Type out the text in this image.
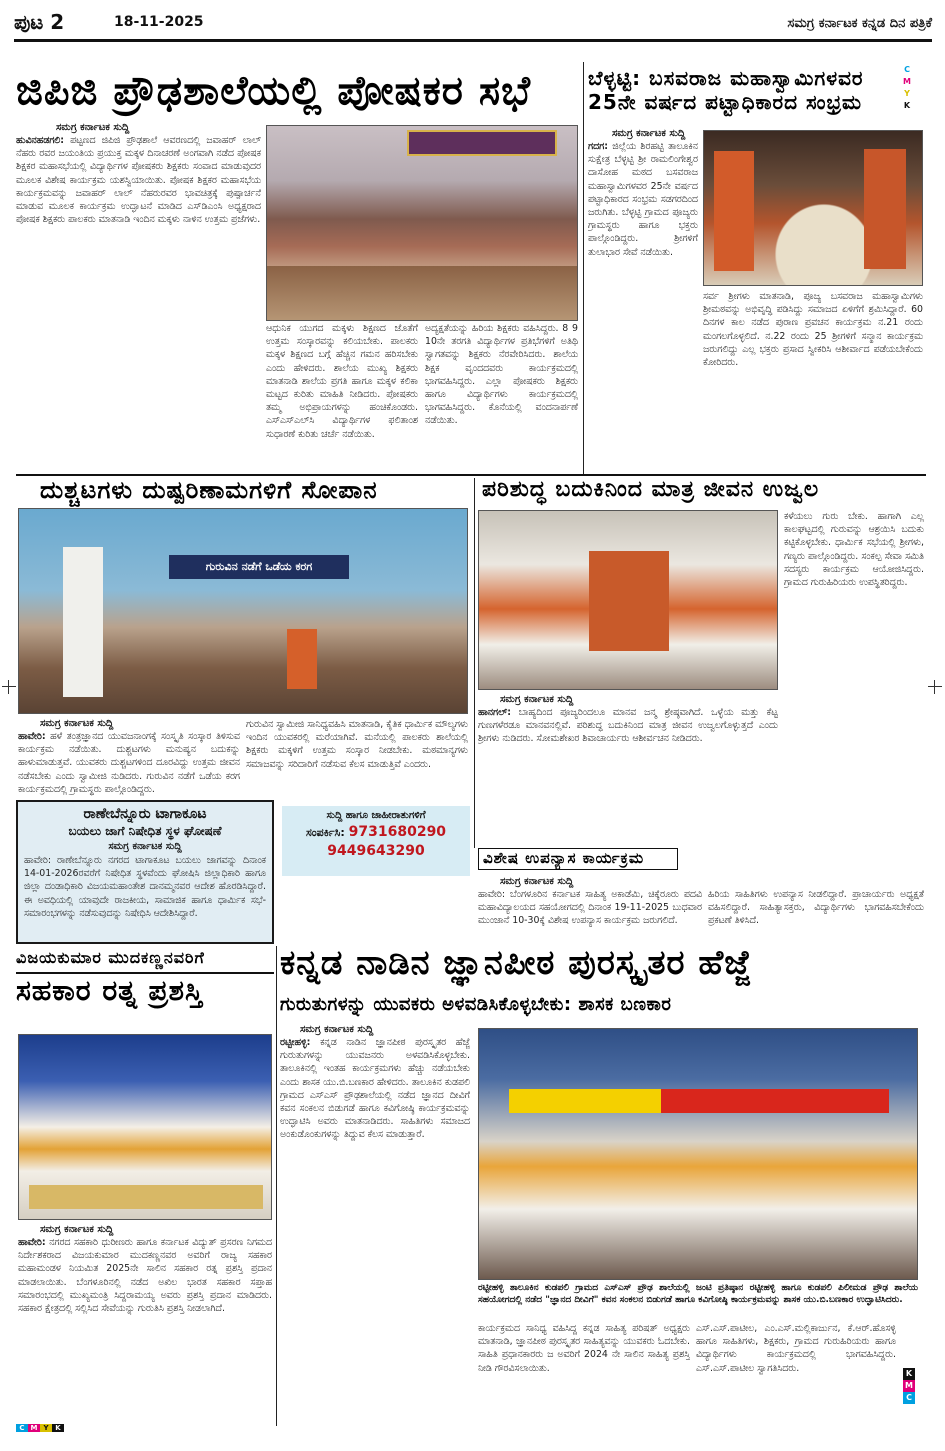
ಪುಟ 2	18-11-2025	ಸಮಗ್ರ ಕರ್ನಾಟಕ ಕನ್ನಡ ದಿನ ಪತ್ರಿಕೆ
C
M
Y
K
K
M
C
C M Y K
ಜಿಪಿಜಿ ಪ್ರೌಢಶಾಲೆಯಲ್ಲಿ ಪೋಷಕರ ಸಭೆ
ಸಮಗ್ರ ಕರ್ನಾಟಕ ಸುದ್ದಿ
ಹುವಿನಹಡಗಲಿ: ಪಟ್ಟಣದ ಜಿಪಿಜಿ ಪ್ರೌಢಶಾಲೆ ಆವರಣದಲ್ಲಿ ಜವಾಹರ್ ಲಾಲ್ ನೆಹರು ರವರ ಜಯಂತಿಯ ಪ್ರಯುಕ್ತ ಮಕ್ಕಳ ದಿನಾಚರಣೆ ಅಂಗವಾಗಿ ನಡೆದ ಪೋಷಕ ಶಿಕ್ಷಕರ ಮಹಾಸಭೆಯಲ್ಲಿ ವಿದ್ಯಾರ್ಥಿಗಳ ಪೋಷಕರು ಶಿಕ್ಷಕರು ಸಂವಾದ ಮಾಡುವುದರ ಮೂಲಕ ವಿಶೇಷ ಕಾರ್ಯಕ್ರಮ ಯಶಸ್ವಿಯಾಯಿತು. ಪೋಷಕ ಶಿಕ್ಷಕರ ಮಹಾಸಭೆಯ ಕಾರ್ಯಕ್ರಮವನ್ನು ಜವಾಹರ್ ಲಾಲ್ ನೆಹರುರವರ ಭಾವಚಿತ್ರಕ್ಕೆ ಪುಷ್ಪಾರ್ಚನೆ ಮಾಡುವ ಮೂಲಕ ಕಾರ್ಯಕ್ರಮ ಉದ್ಘಾಟನೆ ಮಾಡಿದ ಎಸ್‌ಡಿಎಂಸಿ ಅಧ್ಯಕ್ಷರಾದ ಪೋಷಕ ಶಿಕ್ಷಕರು ಪಾಲಕರು ಮಾತನಾಡಿ ಇಂದಿನ ಮಕ್ಕಳು ನಾಳಿನ ಉತ್ತಮ ಪ್ರಜೆಗಳು.
ಆಧುನಿಕ ಯುಗದ ಮಕ್ಕಳು ಶಿಕ್ಷಣದ ಜೊತೆಗೆ ಉತ್ತಮ ಸಂಸ್ಕಾರವನ್ನು ಕಲಿಯಬೇಕು. ಪಾಲಕರು ಮಕ್ಕಳ ಶಿಕ್ಷಣದ ಬಗ್ಗೆ ಹೆಚ್ಚಿನ ಗಮನ ಹರಿಸಬೇಕು ಎಂದು ಹೇಳಿದರು. ಶಾಲೆಯ ಮುಖ್ಯ ಶಿಕ್ಷಕರು ಮಾತನಾಡಿ ಶಾಲೆಯ ಪ್ರಗತಿ ಹಾಗೂ ಮಕ್ಕಳ ಕಲಿಕಾ ಮಟ್ಟದ ಕುರಿತು ಮಾಹಿತಿ ನೀಡಿದರು. ಪೋಷಕರು ತಮ್ಮ ಅಭಿಪ್ರಾಯಗಳನ್ನು ಹಂಚಿಕೊಂಡರು. ಎಸ್‌ಎಸ್‌ಎಲ್‌ಸಿ ವಿದ್ಯಾರ್ಥಿಗಳ ಫಲಿತಾಂಶ ಸುಧಾರಣೆ ಕುರಿತು ಚರ್ಚೆ ನಡೆಯಿತು.
ಅದ್ಯಕ್ಷತೆಯನ್ನು ಹಿರಿಯ ಶಿಕ್ಷಕರು ವಹಿಸಿದ್ದರು. 8 9 10ನೇ ತರಗತಿ ವಿದ್ಯಾರ್ಥಿಗಳ ಪ್ರತಿಭೆಗಳಿಗೆ ಅತಿಥಿ ಸ್ವಾಗತವನ್ನು ಶಿಕ್ಷಕರು ನೆರವೇರಿಸಿದರು. ಶಾಲೆಯ ಶಿಕ್ಷಕ ವೃಂದದವರು ಕಾರ್ಯಕ್ರಮದಲ್ಲಿ ಭಾಗವಹಿಸಿದ್ದರು. ಎಲ್ಲಾ ಪೋಷಕರು ಶಿಕ್ಷಕರು ಹಾಗೂ ವಿದ್ಯಾರ್ಥಿಗಳು ಕಾರ್ಯಕ್ರಮದಲ್ಲಿ ಭಾಗವಹಿಸಿದ್ದರು. ಕೊನೆಯಲ್ಲಿ ವಂದನಾರ್ಪಣೆ ನಡೆಯಿತು.
ಬೆಳ್ಳಟ್ಟಿ: ಬಸವರಾಜ ಮಹಾಸ್ವಾಮಿಗಳವರ 25ನೇ ವರ್ಷದ ಪಟ್ಟಾಧಿಕಾರದ ಸಂಭ್ರಮ
ಸಮಗ್ರ ಕರ್ನಾಟಕ ಸುದ್ದಿ
ಗದಗ: ಜಿಲ್ಲೆಯ ಶಿರಹಟ್ಟಿ ತಾಲೂಕಿನ ಸುಕ್ಷೇತ್ರ ಬೆಳ್ಳಟ್ಟಿ ಶ್ರೀ ರಾಮಲಿಂಗೇಶ್ವರ ದಾಸೋಹ ಮಠದ ಬಸವರಾಜ ಮಹಾಸ್ವಾಮಿಗಳವರ 25ನೇ ವರ್ಷದ ಪಟ್ಟಾಧಿಕಾರದ ಸಂಭ್ರಮ ಸಡಗರದಿಂದ ಜರುಗಿತು. ಬೆಳ್ಳಟ್ಟಿ ಗ್ರಾಮದ ಪೂಜ್ಯರು ಗ್ರಾಮಸ್ಥರು ಹಾಗೂ ಭಕ್ತರು ಪಾಲ್ಗೊಂಡಿದ್ದರು. ಶ್ರೀಗಳಿಗೆ ತುಲಾಭಾರ ಸೇವೆ ನಡೆಯಿತು.
ಸರ್ವ ಶ್ರೀಗಳು ಮಾತನಾಡಿ, ಪೂಜ್ಯ ಬಸವರಾಜ ಮಹಾಸ್ವಾಮಿಗಳು ಶ್ರೀಮಠವನ್ನು ಅಭಿವೃದ್ಧಿ ಪಡಿಸಿದ್ದು ಸಮಾಜದ ಏಳಿಗೆಗೆ ಶ್ರಮಿಸಿದ್ದಾರೆ. 60 ದಿನಗಳ ಕಾಲ ನಡೆದ ಪುರಾಣ ಪ್ರವಚನ ಕಾರ್ಯಕ್ರಮ ನ.21 ರಂದು ಮಂಗಲಗೊಳ್ಳಲಿದೆ. ನ.22 ರಂದು 25 ಶ್ರೀಗಳಿಗೆ ಸನ್ಮಾನ ಕಾರ್ಯಕ್ರಮ ಜರುಗಲಿದ್ದು ಎಲ್ಲ ಭಕ್ತರು ಪ್ರಸಾದ ಸ್ವೀಕರಿಸಿ ಆಶೀರ್ವಾದ ಪಡೆಯಬೇಕೆಂದು ಕೋರಿದರು.
ದುಶ್ಚಟಗಳು ದುಷ್ಪರಿಣಾಮಗಳಿಗೆ ಸೋಪಾನ
ಗುರುವಿನ ನಡೆಗೆ ಒಡೆಯ ಕರಗ
ಸಮಗ್ರ ಕರ್ನಾಟಕ ಸುದ್ದಿ
ಹಾವೇರಿ: ಹಳೆ ತಂತ್ರಜ್ಞಾನದ ಯುವಜನಾಂಗಕ್ಕೆ ಸಂಸ್ಕೃತಿ ಸಂಸ್ಕಾರ ತಿಳಿಸುವ ಕಾರ್ಯಕ್ರಮ ನಡೆಯಿತು. ದುಶ್ಚಟಗಳು ಮನುಷ್ಯನ ಬದುಕನ್ನು ಹಾಳುಮಾಡುತ್ತವೆ. ಯುವಕರು ದುಶ್ಚಟಗಳಿಂದ ದೂರವಿದ್ದು ಉತ್ತಮ ಜೀವನ ನಡೆಸಬೇಕು ಎಂದು ಸ್ವಾಮೀಜಿ ನುಡಿದರು. ಗುರುವಿನ ನಡೆಗೆ ಒಡೆಯ ಕರಗ ಕಾರ್ಯಕ್ರಮದಲ್ಲಿ ಗ್ರಾಮಸ್ಥರು ಪಾಲ್ಗೊಂಡಿದ್ದರು.
ಗುರುವಿನ ಸ್ವಾಮೀಜಿ ಸಾನಿಧ್ಯವಹಿಸಿ ಮಾತನಾಡಿ, ಕೈತಿಕ ಧಾರ್ಮಿಕ ಮೌಲ್ಯಗಳು ಇಂದಿನ ಯುವಕರಲ್ಲಿ ಮರೆಯಾಗಿವೆ. ಮನೆಯಲ್ಲಿ ಪಾಲಕರು ಶಾಲೆಯಲ್ಲಿ ಶಿಕ್ಷಕರು ಮಕ್ಕಳಿಗೆ ಉತ್ತಮ ಸಂಸ್ಕಾರ ನೀಡಬೇಕು. ಮಠಮಾನ್ಯಗಳು ಸಮಾಜವನ್ನು ಸರಿದಾರಿಗೆ ನಡೆಸುವ ಕೆಲಸ ಮಾಡುತ್ತಿವೆ ಎಂದರು.
ರಾಣೇಬೆನ್ನೂರು ಟಾಗಾಕೂಟ
ಬಯಲು ಜಾಗೆ ನಿಷೇಧಿತ ಸ್ಥಳ ಘೋಷಣೆ
ಸಮಗ್ರ ಕರ್ನಾಟಕ ಸುದ್ದಿ
ಹಾವೇರಿ: ರಾಣೇಬೆನ್ನೂರು ನಗರದ ಟಾಗಾಕೂಟ ಬಯಲು ಜಾಗವನ್ನು ದಿನಾಂಕ 14-01-2026ರವರೆಗೆ ನಿಷೇಧಿತ ಸ್ಥಳವೆಂದು ಘೋಷಿಸಿ ಜಿಲ್ಲಾಧಿಕಾರಿ ಹಾಗೂ ಜಿಲ್ಲಾ ದಂಡಾಧಿಕಾರಿ ವಿಜಯಮಹಾಂತೇಶ ದಾನಮ್ಮನವರ ಆದೇಶ ಹೊರಡಿಸಿದ್ದಾರೆ. ಈ ಅವಧಿಯಲ್ಲಿ ಯಾವುದೇ ರಾಜಕೀಯ, ಸಾಮಾಜಿಕ ಹಾಗೂ ಧಾರ್ಮಿಕ ಸಭೆ-ಸಮಾರಂಭಗಳನ್ನು ನಡೆಸುವುದನ್ನು ನಿಷೇಧಿಸಿ ಆದೇಶಿಸಿದ್ದಾರೆ.
ಸುದ್ದಿ ಹಾಗೂ ಜಾಹೀರಾತುಗಳಿಗೆ
ಸಂಪರ್ಕಿಸಿ: 9731680290
9449643290
ಪರಿಶುದ್ಧ ಬದುಕಿನಿಂದ ಮಾತ್ರ ಜೀವನ ಉಜ್ವಲ
ಕಳೆಯಲು ಗುರು ಬೇಕು. ಹಾಗಾಗಿ ಎಲ್ಲ ಕಾಲಘಟ್ಟದಲ್ಲಿ ಗುರುವನ್ನು ಆಶ್ರಯಿಸಿ ಬದುಕು ಕಟ್ಟಿಕೊಳ್ಳಬೇಕು. ಧಾರ್ಮಿಕ ಸಭೆಯಲ್ಲಿ ಶ್ರೀಗಳು, ಗಣ್ಯರು ಪಾಲ್ಗೊಂಡಿದ್ದರು. ಸಂಕಲ್ಪ ಸೇವಾ ಸಮಿತಿ ಸದಸ್ಯರು ಕಾರ್ಯಕ್ರಮ ಆಯೋಜಿಸಿದ್ದರು. ಗ್ರಾಮದ ಗುರುಹಿರಿಯರು ಉಪಸ್ಥಿತರಿದ್ದರು.
ಸಮಗ್ರ ಕರ್ನಾಟಕ ಸುದ್ದಿ
ಹಾನಗಲ್: ಬಾಹ್ಯದಿಂದ ಪೂಜ್ಯರಿಂದಲೂ ಮಾನವ ಜನ್ಮ ಶ್ರೇಷ್ಠವಾಗಿದೆ. ಒಳ್ಳೆಯ ಮತ್ತು ಕೆಟ್ಟ ಗುಣಗಳೆರಡೂ ಮಾನವನಲ್ಲಿವೆ. ಪರಿಶುದ್ಧ ಬದುಕಿನಿಂದ ಮಾತ್ರ ಜೀವನ ಉಜ್ವಲಗೊಳ್ಳುತ್ತದೆ ಎಂದು ಶ್ರೀಗಳು ನುಡಿದರು. ಸೋಮಶೇಖರ ಶಿವಾಚಾರ್ಯರು ಆಶೀರ್ವಚನ ನೀಡಿದರು.
ವಿಶೇಷ ಉಪನ್ಯಾಸ ಕಾರ್ಯಕ್ರಮ
ಸಮಗ್ರ ಕರ್ನಾಟಕ ಸುದ್ದಿ
ಹಾವೇರಿ: ಬೆಂಗಳೂರಿನ ಕರ್ನಾಟಕ ಸಾಹಿತ್ಯ ಅಕಾಡೆಮಿ, ಚಿಕ್ಕೆರೂರು ಪದವಿ ಮಹಾವಿದ್ಯಾಲಯದ ಸಹಯೋಗದಲ್ಲಿ ದಿನಾಂಕ 19-11-2025 ಬುಧವಾರ ಮುಂಜಾನೆ 10-30ಕ್ಕೆ ವಿಶೇಷ ಉಪನ್ಯಾಸ ಕಾರ್ಯಕ್ರಮ ಜರುಗಲಿದೆ.
ಹಿರಿಯ ಸಾಹಿತಿಗಳು ಉಪನ್ಯಾಸ ನೀಡಲಿದ್ದಾರೆ. ಪ್ರಾಚಾರ್ಯರು ಅಧ್ಯಕ್ಷತೆ ವಹಿಸಲಿದ್ದಾರೆ. ಸಾಹಿತ್ಯಾಸಕ್ತರು, ವಿದ್ಯಾರ್ಥಿಗಳು ಭಾಗವಹಿಸಬೇಕೆಂದು ಪ್ರಕಟಣೆ ತಿಳಿಸಿದೆ.
ಕನ್ನಡ ನಾಡಿನ ಜ್ಞಾನಪೀಠ ಪುರಸ್ಕೃತರ ಹೆಜ್ಜೆ
ಗುರುತುಗಳನ್ನು ಯುವಕರು ಅಳವಡಿಸಿಕೊಳ್ಳಬೇಕು: ಶಾಸಕ ಬಣಕಾರ
ಸಮಗ್ರ ಕರ್ನಾಟಕ ಸುದ್ದಿ
ರಟ್ಟೀಹಳ್ಳಿ: ಕನ್ನಡ ನಾಡಿನ ಜ್ಞಾನಪೀಠ ಪುರಸ್ಕೃತರ ಹೆಜ್ಜೆ ಗುರುತುಗಳನ್ನು ಯುವಜನರು ಅಳವಡಿಸಿಕೊಳ್ಳಬೇಕು. ತಾಲೂಕಿನಲ್ಲಿ ಇಂತಹ ಕಾರ್ಯಕ್ರಮಗಳು ಹೆಚ್ಚು ನಡೆಯಬೇಕು ಎಂದು ಶಾಸಕ ಯು.ಬಿ.ಬಣಕಾರ ಹೇಳಿದರು. ತಾಲೂಕಿನ ಕುಡಪಲಿ ಗ್ರಾಮದ ಎಸ್‌ಎಸ್ ಪ್ರೌಢಶಾಲೆಯಲ್ಲಿ ನಡೆದ ಜ್ಞಾನದ ದೀವಿಗೆ ಕವನ ಸಂಕಲನ ಬಿಡುಗಡೆ ಹಾಗೂ ಕವಿಗೋಷ್ಠಿ ಕಾರ್ಯಕ್ರಮವನ್ನು ಉದ್ಘಾಟಿಸಿ ಅವರು ಮಾತನಾಡಿದರು. ಸಾಹಿತಿಗಳು ಸಮಾಜದ ಅಂಕುಡೊಂಕುಗಳನ್ನು ತಿದ್ದುವ ಕೆಲಸ ಮಾಡುತ್ತಾರೆ.
ರಟ್ಟೀಹಳ್ಳಿ ತಾಲೂಕಿನ ಕುಡಪಲಿ ಗ್ರಾಮದ ಎಸ್‌ಎಸ್ ಪ್ರೌಢ ಶಾಲೆಯಲ್ಲಿ ಜಂಟಿ ಪ್ರತಿಷ್ಠಾನ ರಟ್ಟೀಹಳ್ಳಿ ಹಾಗೂ ಕುಡಪಲಿ ಪಿಲೀಮಡ ಪ್ರೌಢ ಶಾಲೆಯ ಸಹಯೋಗದಲ್ಲಿ ನಡೆದ "ಜ್ಞಾನದ ದೀವಿಗೆ" ಕವನ ಸಂಕಲನ ಬಿಡುಗಡೆ ಹಾಗೂ ಕವಿಗೋಷ್ಠಿ ಕಾರ್ಯಕ್ರಮವನ್ನು ಶಾಸಕ ಯು.ಬಿ.ಬಣಕಾರ ಉದ್ಘಾಟಿಸಿದರು.
ಕಾರ್ಯಕ್ರಮದ ಸಾನಿಧ್ಯ ವಹಿಸಿದ್ದ ಕನ್ನಡ ಸಾಹಿತ್ಯ ಪರಿಷತ್ ಅಧ್ಯಕ್ಷರು ಮಾತನಾಡಿ, ಜ್ಞಾನಪೀಠ ಪುರಸ್ಕೃತರ ಸಾಹಿತ್ಯವನ್ನು ಯುವಕರು ಓದಬೇಕು. ಸಾಹಿತಿ ಪ್ರಧಾನಕಾರರು ಜ ಅವರಿಗೆ 2024 ನೇ ಸಾಲಿನ ಸಾಹಿತ್ಯ ಪ್ರಶಸ್ತಿ ನೀಡಿ ಗೌರವಿಸಲಾಯಿತು.
ಎಸ್.ಎಸ್.ಪಾಟೀಲ, ಎಂ.ಎಸ್.ಮಲ್ಲಿಕಾರ್ಜುನ, ಕೆ.ಆರ್.ಹೊಸಳ್ಳಿ ಹಾಗೂ ಸಾಹಿತಿಗಳು, ಶಿಕ್ಷಕರು, ಗ್ರಾಮದ ಗುರುಹಿರಿಯರು ಹಾಗೂ ವಿದ್ಯಾರ್ಥಿಗಳು ಕಾರ್ಯಕ್ರಮದಲ್ಲಿ ಭಾಗವಹಿಸಿದ್ದರು. ಎಸ್.ಎಸ್.ಪಾಟೀಲ ಸ್ವಾಗತಿಸಿದರು.
ವಿಜಯಕುಮಾರ ಮುದಕಣ್ಣನವರಿಗೆ
ಸಹಕಾರ ರತ್ನ ಪ್ರಶಸ್ತಿ
ಸಮಗ್ರ ಕರ್ನಾಟಕ ಸುದ್ದಿ
ಹಾವೇರಿ: ನಗರದ ಸಹಕಾರಿ ಧುರೀಣರು ಹಾಗೂ ಕರ್ನಾಟಕ ವಿದ್ಯುತ್ ಪ್ರಸರಣ ನಿಗಮದ ನಿರ್ದೇಶಕರಾದ ವಿಜಯಕುಮಾರ ಮುದಕಣ್ಣನವರ ಅವರಿಗೆ ರಾಜ್ಯ ಸಹಕಾರ ಮಹಾಮಂಡಳ ನಿಯಮಿತ 2025ನೇ ಸಾಲಿನ ಸಹಕಾರ ರತ್ನ ಪ್ರಶಸ್ತಿ ಪ್ರದಾನ ಮಾಡಲಾಯಿತು. ಬೆಂಗಳೂರಿನಲ್ಲಿ ನಡೆದ ಅಖಿಲ ಭಾರತ ಸಹಕಾರ ಸಪ್ತಾಹ ಸಮಾರಂಭದಲ್ಲಿ ಮುಖ್ಯಮಂತ್ರಿ ಸಿದ್ದರಾಮಯ್ಯ ಅವರು ಪ್ರಶಸ್ತಿ ಪ್ರದಾನ ಮಾಡಿದರು. ಸಹಕಾರ ಕ್ಷೇತ್ರದಲ್ಲಿ ಸಲ್ಲಿಸಿದ ಸೇವೆಯನ್ನು ಗುರುತಿಸಿ ಪ್ರಶಸ್ತಿ ನೀಡಲಾಗಿದೆ.
